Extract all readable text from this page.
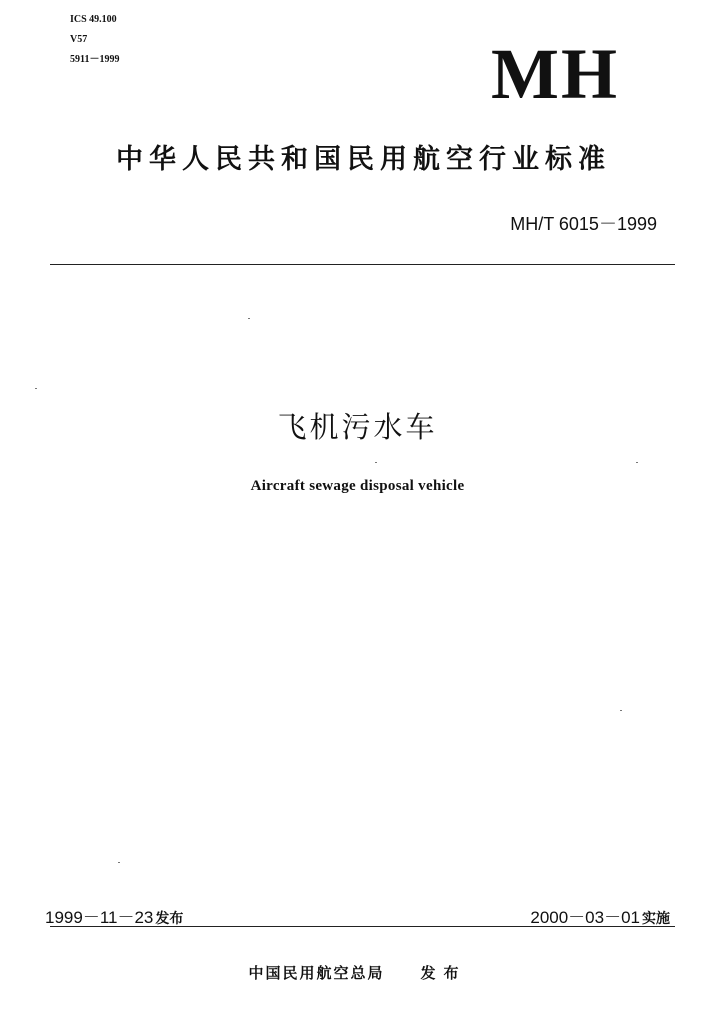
ICS 49.100
V57
5911－1999	MH
中华人民共和国民用航空行业标准
MH/T 6015－1999
飞机污水车
Aircraft sewage disposal vehicle
1999－11－23 发布	2000－03－01 实施
中国民用航空总局 发布
